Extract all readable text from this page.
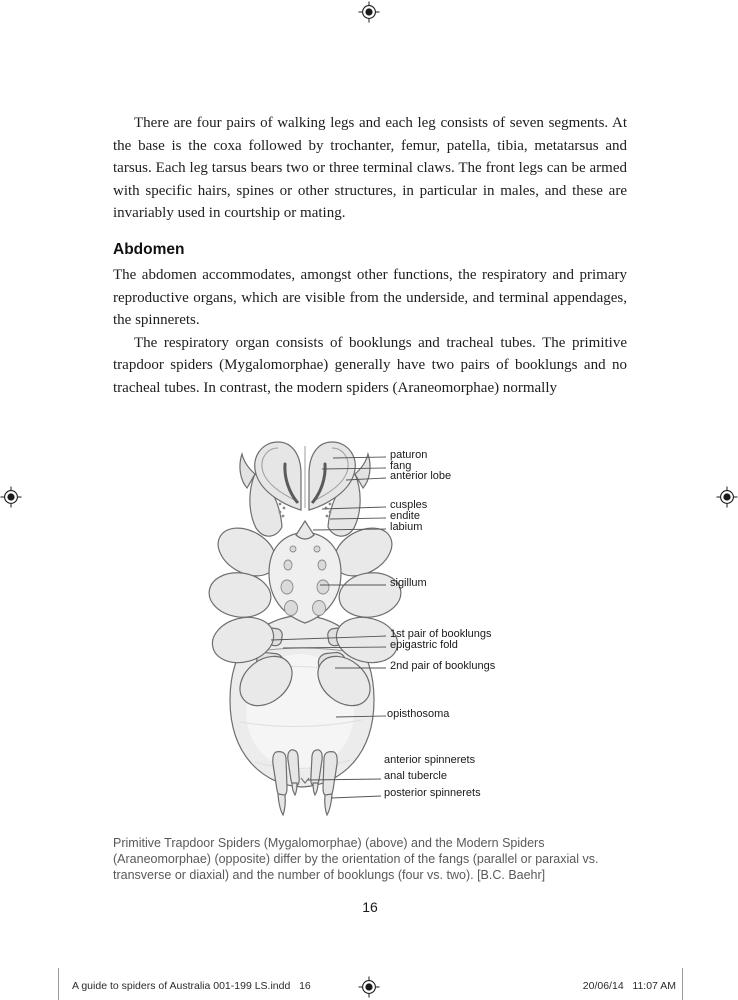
There are four pairs of walking legs and each leg consists of seven segments. At the base is the coxa followed by trochanter, femur, patella, tibia, metatarsus and tarsus. Each leg tarsus bears two or three terminal claws. The front legs can be armed with specific hairs, spines or other structures, in particular in males, and these are invariably used in courtship or mating.

Abdomen

The abdomen accommodates, amongst other functions, the respiratory and primary reproductive organs, which are visible from the underside, and terminal appendages, the spinnerets.

The respiratory organ consists of booklungs and tracheal tubes. The primitive trapdoor spiders (Mygalomorphae) generally have two pairs of booklungs and no tracheal tubes. In contrast, the modern spiders (Araneomorphae) normally

paturon
fang
anterior lobe
cusples
endite
labium
sigillum
1st pair of booklungs
epigastric fold
2nd pair of booklungs
opisthosoma
anterior spinnerets
anal tubercle
posterior spinnerets
Primitive Trapdoor Spiders (Mygalomorphae) (above) and the Modern Spiders
(Araneomorphae) (opposite) differ by the orientation of the fangs (parallel or paraxial vs.
transverse or diaxial) and the number of booklungs (four vs. two). [B.C. Baehr]
16
A guide to spiders of Australia 001-199 LS.indd   16	20/06/14   11:07 AM
